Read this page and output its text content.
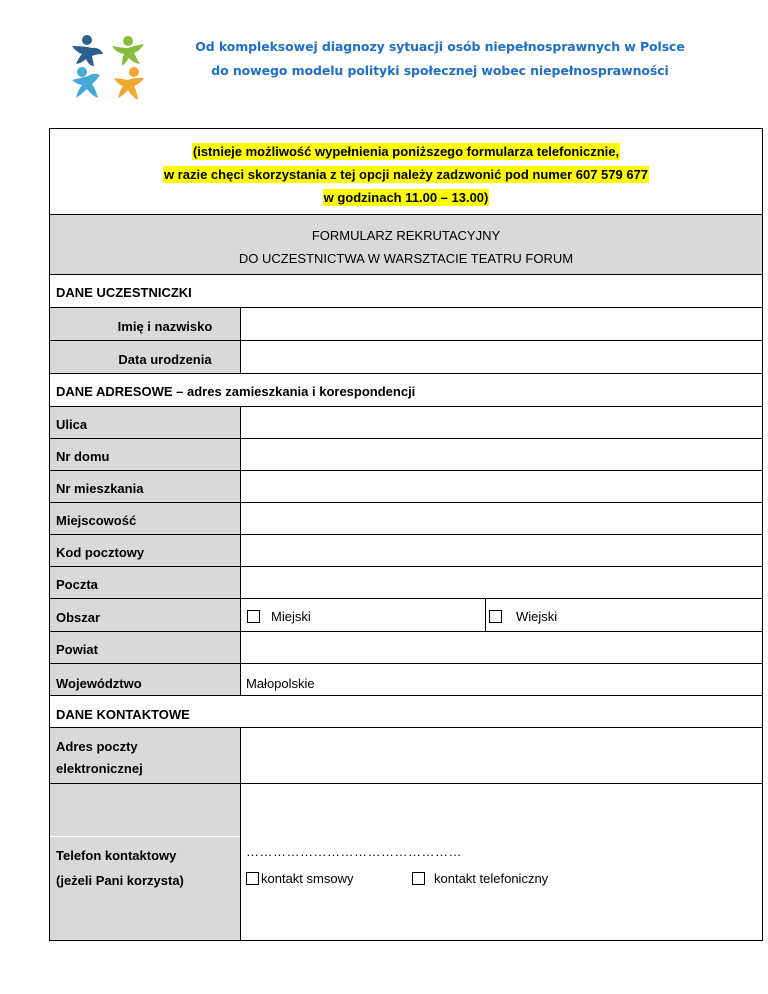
Od kompleksowej diagnozy sytuacji osób niepełnosprawnych w Polsce
do nowego modelu polityki społecznej wobec niepełnosprawności
(istnieje możliwość wypełnienia poniższego formularza telefonicznie,
w razie chęci skorzystania z tej opcji należy zadzwonić pod numer 607 579 677
w godzinach 11.00 – 13.00)
FORMULARZ REKRUTACYJNY
DO UCZESTNICTWA W WARSZTACIE TEATRU FORUM
DANE UCZESTNICZKI
Imię i nazwisko
Data urodzenia
DANE ADRESOWE – adres zamieszkania i korespondencji
Ulica
Nr domu
Nr mieszkania
Miejscowość
Kod pocztowy
Poczta
Obszar	Miejski	Wiejski
Powiat
Województwo	Małopolskie
DANE KONTAKTOWE
Adres poczty
elektronicznej
Telefon kontaktowy
(jeżeli Pani korzysta)
…………………………………………
kontakt smsowy	kontakt telefoniczny
